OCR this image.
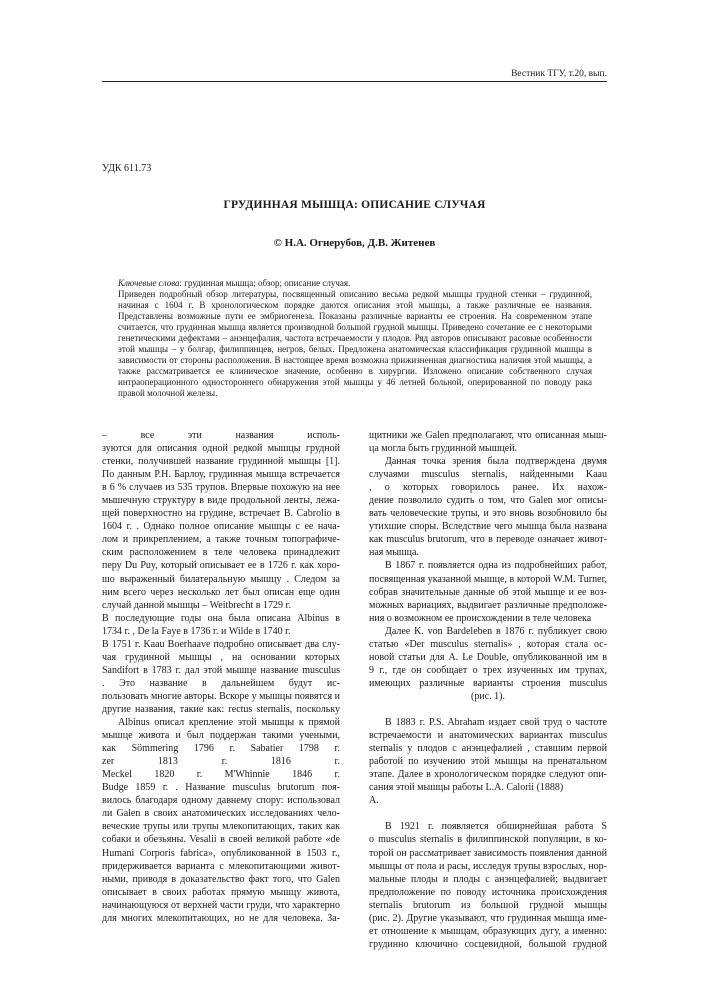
Вестник ТГУ, т.20, вып.
УДК 611.73
ГРУДИННАЯ МЫШЦА: ОПИСАНИЕ СЛУЧАЯ
© Н.А. Огнерубов, Д.В. Житенев

Ключевые слова: грудинная мышца; обзор; описание случая.

Приведен подробный обзор литературы, посвященный описанию весьма редкой мышцы грудной стенки – грудинной, начиная с 1604 г. В хронологическом порядке даются описания этой мышцы, а также различные ее названия. Представлены возможные пути ее эмбриогенеза. Показаны различные варианты ее строения. На современном этапе считается, что грудинная мышца является производной большой грудной мышцы. Приведено сочетание ее с некоторыми генетическими дефектами – анэнцефалия, частота встречаемости у плодов. Ряд авторов описывают расовые особенности этой мышцы – у болгар, филиппинцев, негров, белых. Предложена анатомическая классификация грудинной мышцы в зависимости от стороны расположения. В настоящее время возможна прижизненная диагностика наличия этой мышцы, а также рассматривается ее клиническое значение, особенно в хирургии. Изложено описание собственного случая интраоперационного одностороннего обнаружения этой мышцы у 46 летней больной, оперированной по поводу рака правой молочной железы.

– все эти названия исполь-
зуются для описания одной редкой мышцы грудной
стенки, получившей название грудинной мышцы [1].
По данным Р.Н. Барлоу, грудинная мышца встречается
в 6 % случаев из 535 трупов. Впервые похожую на нее
мышечную структуру в виде продольной ленты, лежа-
щей поверхностно на грудине, встречает B. Cabrolio в
1604 г. . Однако полное описание мышцы с ее нача-
лом и прикреплением, а также точным топографиче-
ским расположением в теле человека принадлежит
перу Du Puy, который описывает ее в 1726 г. как хоро-
шо выраженный билатеральную мышцу . Следом за
ним всего через несколько лет был описан еще один
случай данной мышцы – Weitbrecht в 1729 г.
В последующие годы она была описана Albinus в
1734 г. , De la Faye в 1736 г. и Wilde в 1740 г.
В 1751 г. Kaau Boerhaave подробно описывает два слу-
чая грудинной мышцы , на основании которых
Sandifort в 1783 г. дал этой мышце название musculus
. Это название в дальнейшем будут ис-
пользовать многие авторы. Вскоре у мышцы появятся и
другие названия, такие как: rectus sternalis, поскольку
Albinus описал крепление этой мышцы к прямой
мышце живота и был поддержан такими учеными,
как Sömmering 1796 г. Sabatier 1798 г.
zer 1813 г. 1816 г.
Meckel 1820 г. M'Whinnie 1846 г.
Budge 1859 г. . Название musculus brutorum поя-
вилось благодаря одному давнему спору: использовал
ли Galen в своих анатомических исследованиях чело-
веческие трупы или трупы млекопитающих, таких как
собаки и обезьяны. Vesalii в своей великой работе «de
Humani Corporis fabrica», опубликованной в 1503 г.,
придерживается варианта с млекопитающими живот-
ными, приводя в доказательство факт того, что Galen
описывает в своих работах прямую мышцу живота,
начинающуюся от верхней части груди, что характерно
для многих млекопитающих, но не для человека. За-
щитники же Galen предполагают, что описанная мыш-
ца могла быть грудинной мышцей.
Данная точка зрения была подтверждена двумя
случаями musculus sternalis, найденными Kaau
, о которых говорилось ранее. Их нахож-
дение позволило судить о том, что Galen мог описы-
вать человеческие трупы, и это вновь возобновило бы
утихшие споры. Вследствие чего мышца была названа
как musculus brutorum, что в переводе означает живот-
ная мышца.
В 1867 г. появляется одна из подробнейших работ,
посвященная указанной мышце, в которой W.M. Turner,
собрав значительные данные об этой мышце и ее воз-
можных вариациях, выдвигает различные предположе-
ния о возможном ее происхождении в теле человека
Далее K. von Bardeleben в 1876 г. публикует свою
статью «Der musculus sternalis» , которая стала ос-
новой статьи для A. Le Double, опубликованной им в
9 г., где он сообщает о трех изученных им трупах,
имеющих различные варианты строения musculus
(рис. 1).
В 1883 г. P.S. Abraham издает свой труд о частоте
встречаемости и анатомических вариантах musculus
sternalis у плодов с анэнцефалией , ставшим первой
работой по изучению этой мышцы на пренатальном
этапе. Далее в хронологическом порядке следуют опи-
сания этой мышцы работы L.A. Calorii (1888)
A.
В 1921 г. появляется обширнейшая работа S
o musculus sternalis в филиппинской популяции, в ко-
торой он рассматривает зависимость появления данной
мышцы от пола и расы, исследуя трупы взрослых, нор-
мальные плоды и плоды с анэнцефалией; выдвигает
предположение по поводу источника происхождения
sternalis brutorum из большой грудной мышцы
(рис. 2). Другие указывают, что грудинная мышца име-
ет отношение к мышцам, образующих дугу, а именно:
грудинно ключично сосцевидной, большой грудной
